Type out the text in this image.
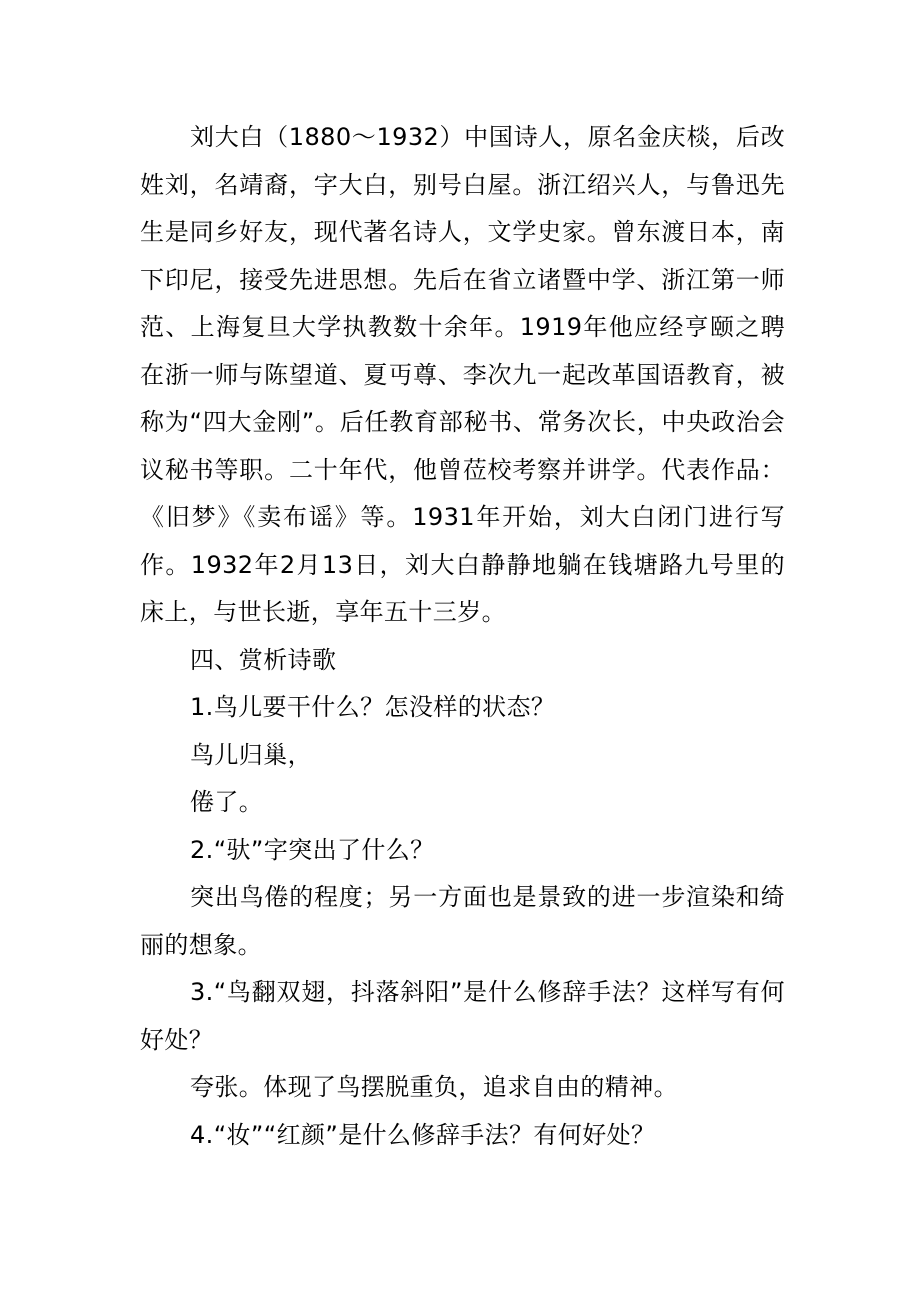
刘大白（1880～1932）中国诗人，原名金庆棪，后改姓刘，名靖裔，字大白，别号白屋。浙江绍兴人，与鲁迅先生是同乡好友，现代著名诗人，文学史家。曾东渡日本，南下印尼，接受先进思想。先后在省立诸暨中学、浙江第一师范、上海复旦大学执教数十余年。1919年他应经亨颐之聘在浙一师与陈望道、夏丏尊、李次九一起改革国语教育，被称为“四大金刚”。后任教育部秘书、常务次长，中央政治会议秘书等职。二十年代，他曾莅校考察并讲学。代表作品：《旧梦》《卖布谣》等。1931年开始，刘大白闭门进行写作。1932年2月13日，刘大白静静地躺在钱塘路九号里的床上，与世长逝，享年五十三岁。

四、赏析诗歌

1.鸟儿要干什么？怎没样的状态？

鸟儿归巢，

倦了。

2.“驮”字突出了什么？

突出鸟倦的程度；另一方面也是景致的进一步渲染和绮丽的想象。

3.“鸟翻双翅，抖落斜阳”是什么修辞手法？这样写有何好处？

夸张。体现了鸟摆脱重负，追求自由的精神。

4.“妆”“红颜”是什么修辞手法？有何好处？
